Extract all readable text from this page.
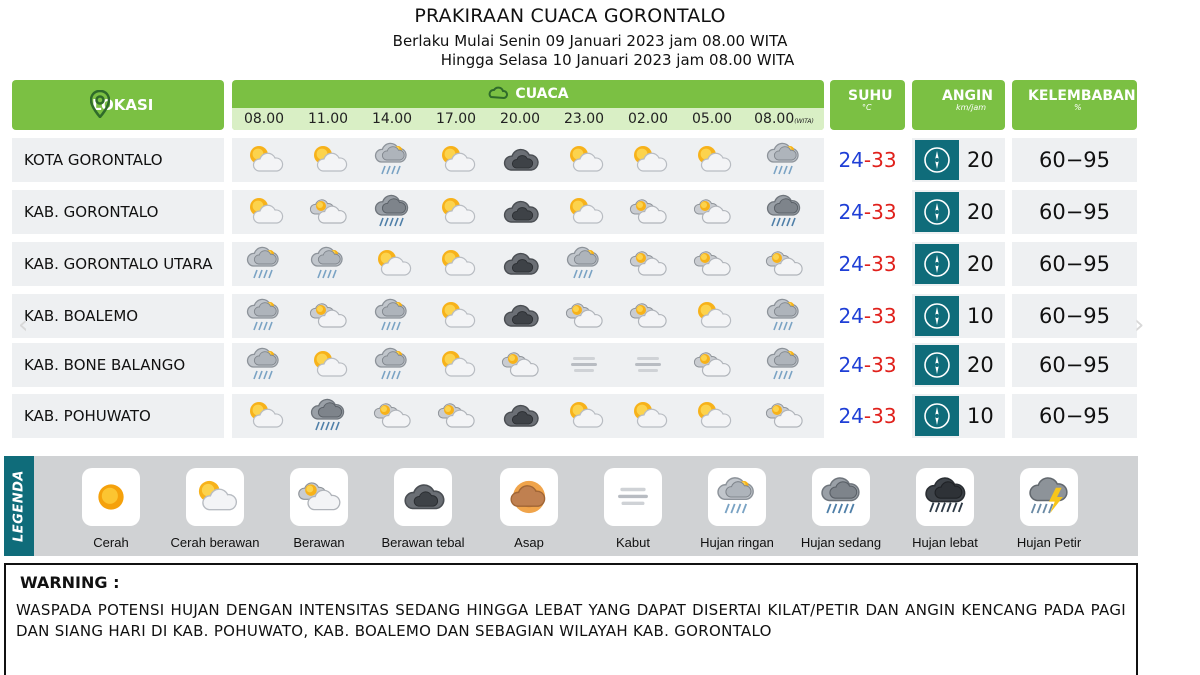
PRAKIRAAN CUACA GORONTALO
Berlaku Mulai Senin 09 Januari 2023 jam 08.00 WITA
Hingga Selasa 10 Januari 2023 jam 08.00 WITA
LOKASI
CUACA
08.00	11.00	14.00	17.00	20.00	23.00	02.00	05.00	08.00(WITA)
SUHU
°C
ANGIN
km/jam
KELEMBABAN
%
KOTA GORONTALO	24-33	20	60−95
KAB. GORONTALO	24-33	20	60−95
KAB. GORONTALO UTARA	24-33	20	60−95
KAB. BOALEMO	24-33	10	60−95
KAB. BONE BALANGO	24-33	20	60−95
KAB. POHUWATO	24-33	10	60−95
LEGENDA
Cerah	Cerah berawan	Berawan	Berawan tebal	Asap	Kabut	Hujan ringan	Hujan sedang	Hujan lebat	Hujan Petir
WARNING :
WASPADA POTENSI HUJAN DENGAN INTENSITAS SEDANG HINGGA LEBAT YANG DAPAT DISERTAI KILAT/PETIR DAN ANGIN KENCANG PADA PAGI DAN SIANG HARI DI KAB. POHUWATO, KAB. BOALEMO DAN SEBAGIAN WILAYAH KAB. GORONTALO
‹	›
